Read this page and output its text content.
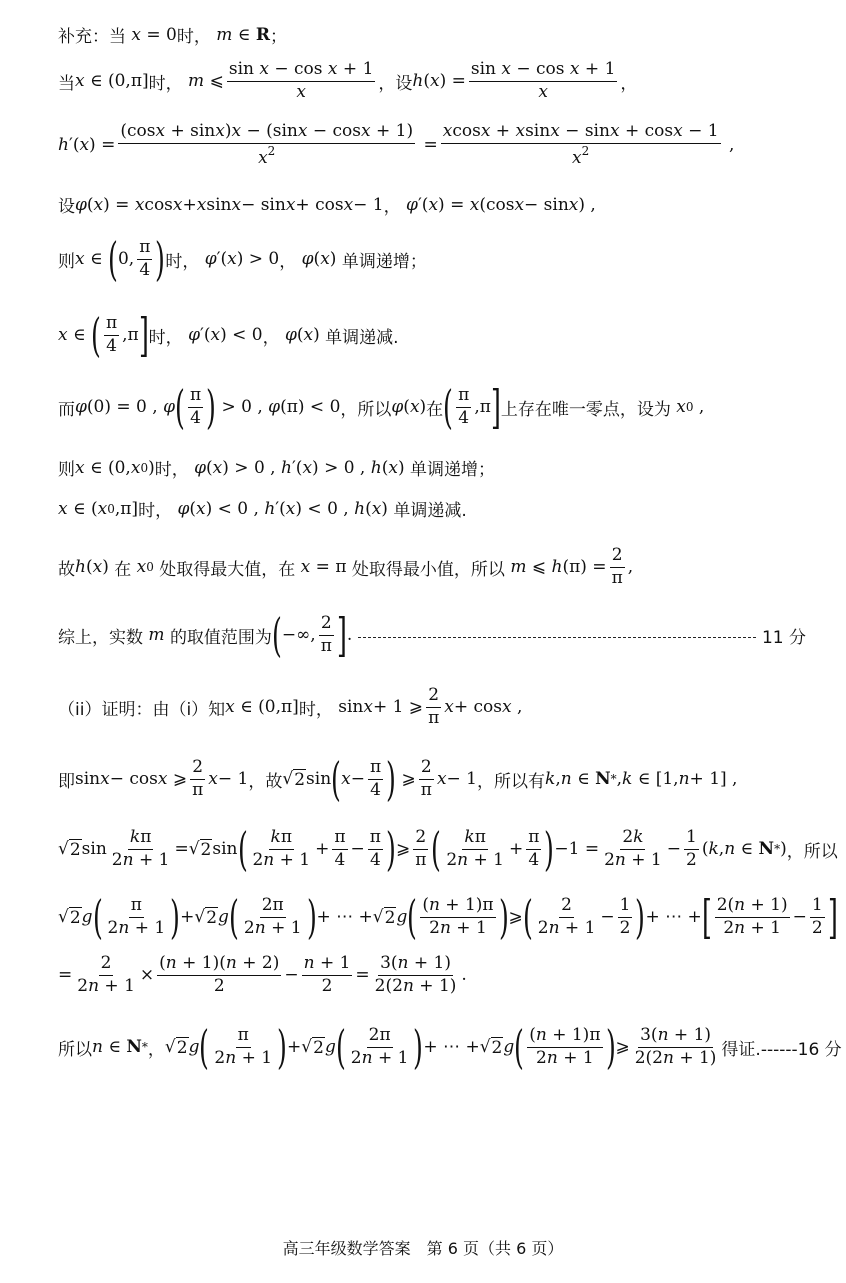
补充：当 x = 0 时， m ∈ R ；
当 x ∈ (0,π] 时， m ⩽ $\frac{\text{sin x − cos x + 1}}{x}$ ，设 h ( x ) = $\frac{\text{sin x − cos x + 1}}{x}$ ，
h ′( x ) = $\frac{(\cos x + \sin x)x - (\sin x - \cos x + 1)}{x^2} = \frac{xcosx + xsinx - \sin x + \cos x - 1}{x^2}$ ,
设 φ ( x ) = x cos x + x sin x − sin x + cos x − 1 ，
φ ′( x ) = x (cos x − sin x ) ,
则 x ∈ ( 0, $\frac{\pi}{4}$ ) 时， φ ′( x ) > 0 ， φ ( x ) 单调递增；
x ∈ ( $\frac{\pi}{4} ,\pi$ ] 时， φ ′( x ) < 0 ， φ ( x ) 单调递减.
而 φ (0) = 0 , φ ( $\frac{\pi}{4}$ ) > 0 , φ (π) < 0 ，所以 φ ( x ) 在 ( $\frac{\pi}{4} ,\pi$ ] 上存在唯一零点，设为
x 0 ,
则 x ∈ (0, x 0 ) 时， φ ( x ) > 0 , h ′( x ) > 0 , h ( x ) 单调递增；
x ∈ ( x 0 ,π] 时， φ ( x ) < 0 , h ′( x ) < 0 , h ( x ) 单调递减.
故 h ( x ) 在 x 0
处取得最大值，在 x = π 处取得最小值，所以 m ⩽ h $(\pi) = \frac{2}{\pi}$ ,
综上，实数 m
的取值范围为 ( −∞, $\frac{2}{\pi}$ ] .	11 分
（ii）证明：由（i）知 x ∈ (0,π] 时， sin x + 1 ⩾ $\frac{2}{\pi}$ x + cos x ,
即 sin x − cos x ⩾ $\frac{2}{\pi}$ x − 1 ，故 √ 2 sin ( $x - \frac{\pi}{4}$ ) ⩾ $\frac{2}{\pi}$ x − 1 ，所以有 k , n ∈ N * , k ∈ [1, n + 1] ,
√ 2 $\sin \frac{k\pi}{2n + 1}$ = √ 2 sin ( $\frac{k\pi}{2n + 1} + \frac{\pi}{4} - \frac{\pi}{4}$ ) ⩾ $\frac{2}{\pi}$ ( $\frac{k\pi}{2n + 1} + \frac{\pi}{4}$ ) $-1 = \frac{2k}{2n + 1} - \frac{1}{2}$ ( k , n ∈ N * ) ，所以
√ 2 g ( $\frac{\pi}{2n + 1}$ ) + √ 2 g ( $\frac{2\pi}{2n + 1}$ ) + ⋯ + √ 2 g ( $\frac{(n + 1)\pi}{2n + 1}$ ) ⩾ ( $\frac{2}{2n + 1} - \frac{1}{2}$ ) + ⋯ + [ $\frac{2(n + 1)}{2n + 1} - \frac{1}{2}$ ]
= $\frac{2}{2n + 1} \times \frac{(n + 1)(n + 2)}{2} - \frac{n + 1}{2} = \frac{3(n + 1)}{2(2n + 1)}$ .
所以 n ∈ N * ， √ 2 g ( $\frac{\pi}{2n + 1}$ ) + √ 2 g ( $\frac{2\pi}{2n + 1}$ ) + ⋯ + √ 2 g ( $\frac{(n + 1)\pi}{2n + 1}$ ) ⩾ $\frac{3(n + 1)}{2(2n + 1)}$ 得证.------16 分
高三年级数学答案　第 6 页（共 6 页）
